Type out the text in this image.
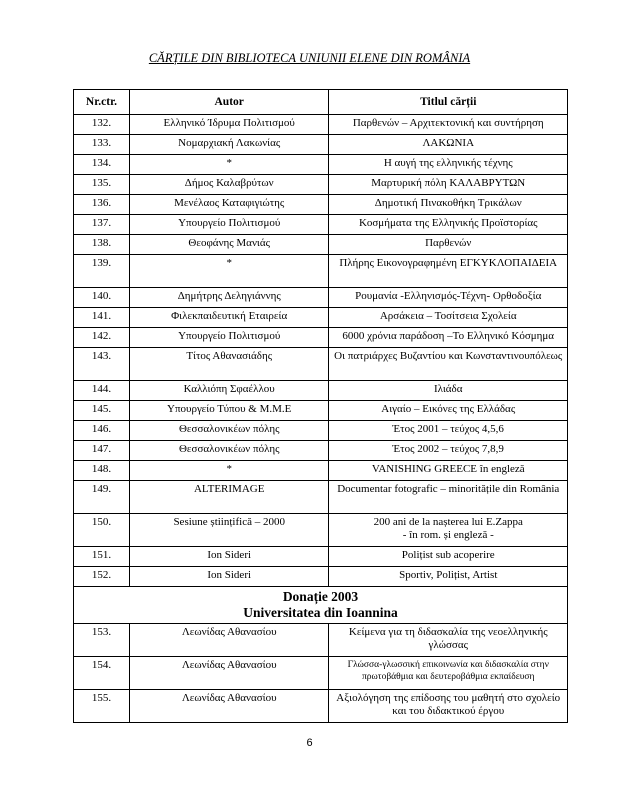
CĂRȚILE DIN BIBLIOTECA UNIUNII ELENE DIN ROMÂNIA
Nr.ctr.	Autor	Titlul cărții
132.	Ελληνικό Ίδρυμα Πολιτισμού	Παρθενών – Αρχιτεκτονική και συντήρηση
133.	Νομαρχιακή Λακωνίας	ΛΑΚΩΝΙΑ
134.	*	Η αυγή της ελληνικής τέχνης
135.	Δήμος Καλαβρύτων	Μαρτυρική πόλη ΚΑΛΑΒΡΥΤΩΝ
136.	Μενέλαος Καταφιγιώτης	Δημοτική Πινακοθήκη Τρικάλων
137.	Υπουργείο Πολιτισμού	Κοσμήματα της Ελληνικής Προϊστορίας
138.	Θεοφάνης Μανιάς	Παρθενών
139.	*	Πλήρης Εικονογραφημένη ΕΓΚΥΚΛΟΠΑΙΔΕΙΑ
140.	Δημήτρης Δεληγιάννης	Ρουμανία -Ελληνισμός-Τέχνη- Ορθοδοξία
141.	Φιλεκπαιδευτική Εταιρεία	Αρσάκεια – Τοσίτσεια Σχολεία
142.	Υπουργείο Πολιτισμού	6000 χρόνια παράδοση –Το Ελληνικό Κόσμημα
143.	Τίτος Αθανασιάδης	Οι πατριάρχες Βυζαντίου και Κωνσταντινουπόλεως
144.	Καλλιόπη Σφαέλλου	Ιλιάδα
145.	Υπουργείο Τύπου & Μ.Μ.Ε	Αιγαίο – Εικόνες της Ελλάδας
146.	Θεσσαλονικέων πόλης	Έτος 2001 – τεύχος 4,5,6
147.	Θεσσαλονικέων πόλης	Έτος 2002 – τεύχος 7,8,9
148.	*	VANISHING GREECE în engleză
149.	ALTERIMAGE	Documentar fotografic – minoritățile din România
150.	Sesiune științifică – 2000	200 ani de la nașterea lui E.Zappa
- în rom. și engleză -
151.	Ion Sideri	Polițist sub acoperire
152.	Ion Sideri	Sportiv, Polițist, Artist

Donație 2003
Universitatea din Ioannina		

153.	Λεωνίδας Αθανασίου	Κείμενα για τη διδασκαλία της νεοελληνικής γλώσσας
154.	Λεωνίδας Αθανασίου	Γλώσσα-γλωσσική επικοινωνία και διδασκαλία στην πρωτοβάθμια και δευτεροβάθμια εκπαίδευση
155.	Λεωνίδας Αθανασίου	Αξιολόγηση της επίδοσης του μαθητή στο σχολείο και του διδακτικού έργου
6
